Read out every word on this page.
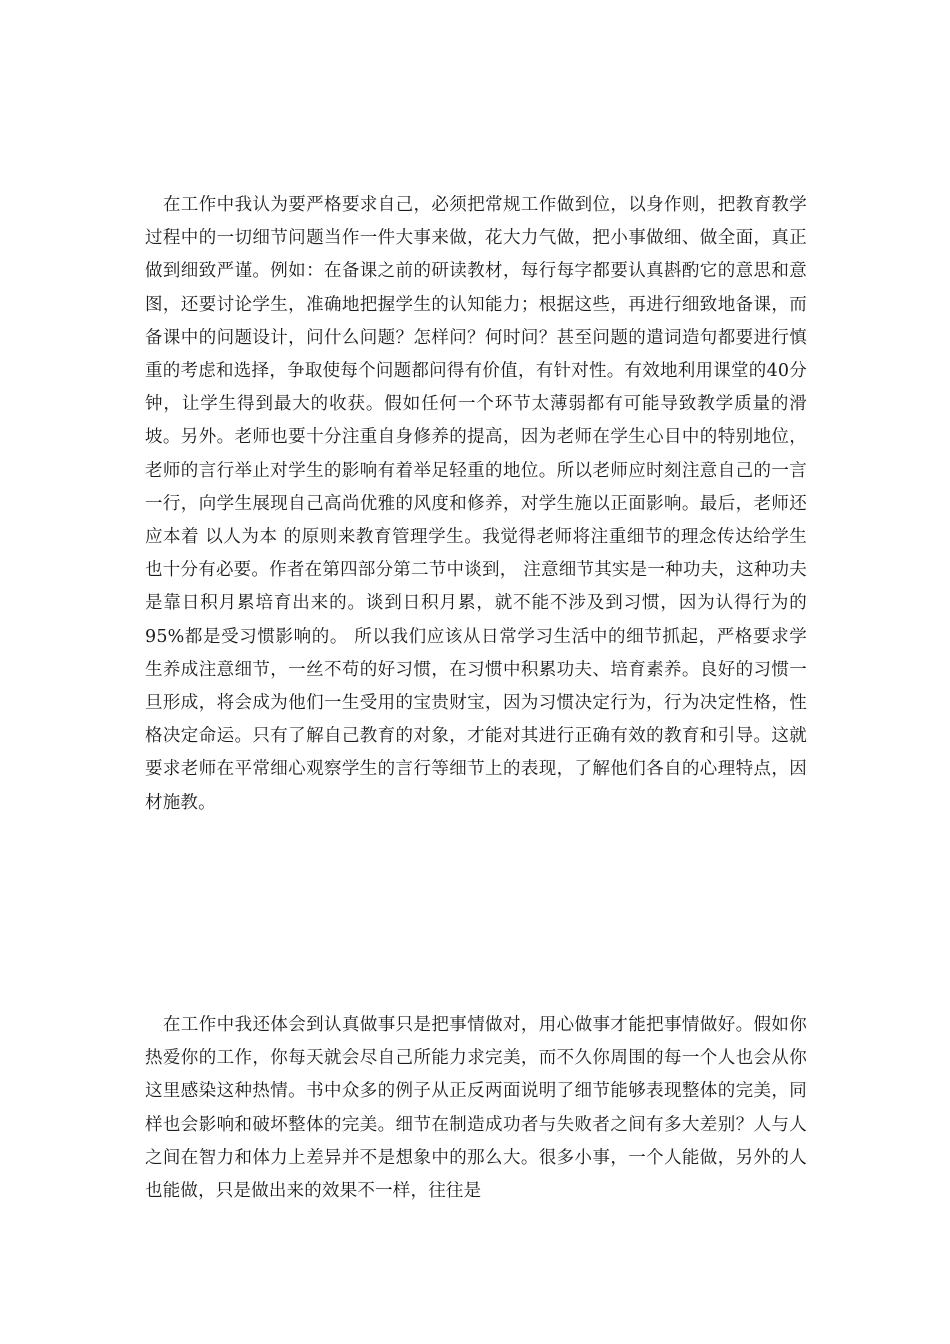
在工作中我认为要严格要求自己，必须把常规工作做到位，以身作则，把教育教学过程中的一切细节问题当作一件大事来做，花大力气做，把小事做细、做全面，真正做到细致严谨。例如：在备课之前的研读教材，每行每字都要认真斟酌它的意思和意图，还要讨论学生，准确地把握学生的认知能力；根据这些，再进行细致地备课，而备课中的问题设计，问什么问题？怎样问？何时问？甚至问题的遣词造句都要进行慎重的考虑和选择，争取使每个问题都问得有价值，有针对性。有效地利用课堂的40分钟，让学生得到最大的收获。假如任何一个环节太薄弱都有可能导致教学质量的滑坡。另外。老师也要十分注重自身修养的提高，因为老师在学生心目中的特别地位，老师的言行举止对学生的影响有着举足轻重的地位。所以老师应时刻注意自己的一言一行，向学生展现自己高尚优雅的风度和修养，对学生施以正面影响。最后，老师还应本着 以人为本 的原则来教育管理学生。我觉得老师将注重细节的理念传达给学生也十分有必要。作者在第四部分第二节中谈到， 注意细节其实是一种功夫，这种功夫是靠日积月累培育出来的。谈到日积月累，就不能不涉及到习惯，因为认得行为的95%都是受习惯影响的。 所以我们应该从日常学习生活中的细节抓起，严格要求学生养成注意细节，一丝不苟的好习惯，在习惯中积累功夫、培育素养。良好的习惯一旦形成，将会成为他们一生受用的宝贵财宝，因为习惯决定行为，行为决定性格，性格决定命运。只有了解自己教育的对象，才能对其进行正确有效的教育和引导。这就要求老师在平常细心观察学生的言行等细节上的表现，了解他们各自的心理特点，因材施教。

在工作中我还体会到认真做事只是把事情做对，用心做事才能把事情做好。假如你热爱你的工作，你每天就会尽自己所能力求完美，而不久你周围的每一个人也会从你这里感染这种热情。书中众多的例子从正反两面说明了细节能够表现整体的完美，同样也会影响和破坏整体的完美。细节在制造成功者与失败者之间有多大差别？人与人之间在智力和体力上差异并不是想象中的那么大。很多小事，一个人能做，另外的人也能做，只是做出来的效果不一样，往往是
